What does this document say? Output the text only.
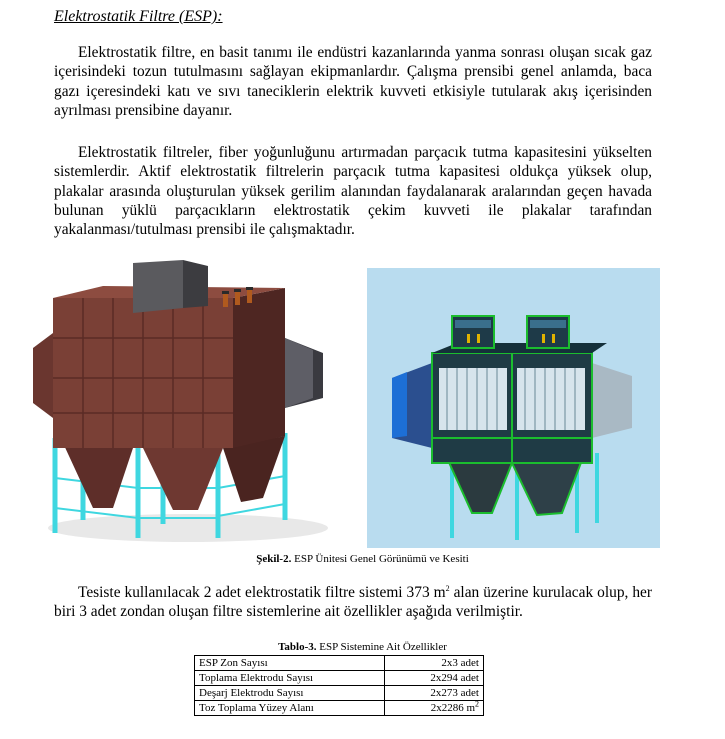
Elektrostatik Filtre (ESP):

Elektrostatik filtre, en basit tanımı ile endüstri kazanlarında yanma sonrası oluşan sıcak gaz içerisindeki tozun tutulmasını sağlayan ekipmanlardır. Çalışma prensibi genel anlamda, baca gazı içeresindeki katı ve sıvı taneciklerin elektrik kuvveti etkisiyle tutularak akış içerisinden ayrılması prensibine dayanır.

Elektrostatik filtreler, fiber yoğunluğunu artırmadan parçacık tutma kapasitesini yükselten sistemlerdir. Aktif elektrostatik filtrelerin parçacık tutma kapasitesi oldukça yüksek olup, plakalar arasında oluşturulan yüksek gerilim alanından faydalanarak aralarından geçen havada bulunan yüklü parçacıkların elektrostatik çekim kuvveti ile plakalar tarafından yakalanması/tutulması prensibi ile çalışmaktadır.

Şekil-2. ESP Ünitesi Genel Görünümü ve Kesiti

Tesiste kullanılacak 2 adet elektrostatik filtre sistemi 373 $m^2$ alan üzerine kurulacak olup, her biri 3 adet zondan oluşan filtre sistemlerine ait özellikler aşağıda verilmiştir.

Tablo-3. ESP Sistemine Ait Özellikler
ESP Zon Sayısı	2x3 adet
Toplama Elektrodu Sayısı	2x294 adet
Deşarj Elektrodu Sayısı	2x273 adet
Toz Toplama Yüzey Alanı	2x2286 $m^2$
